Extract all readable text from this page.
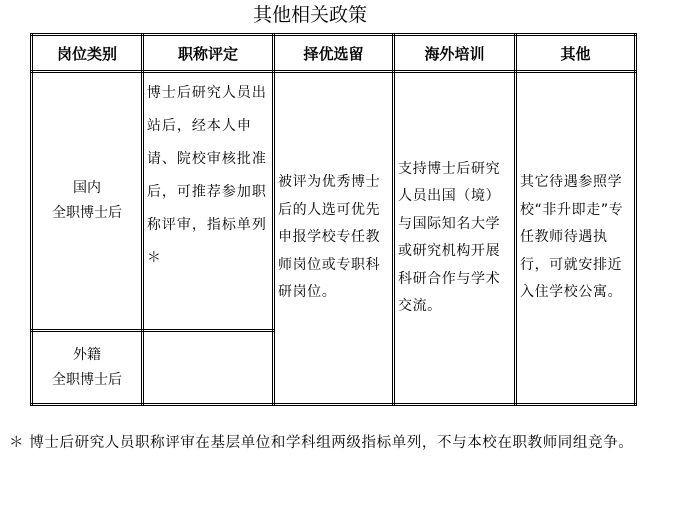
其他相关政策
岗位类别	职称评定	择优选留	海外培训	其他

国内
全职博士后	博士后研究人员出站后，经本人申请、院校审核批准后，可推荐参加职称评审，指标单列＊	被评为优秀博士后的人选可优先申报学校专任教师岗位或专职科研岗位。	支持博士后研究人员出国（境）与国际知名大学或研究机构开展科研合作与学术交流。	其它待遇参照学校“非升即走”专任教师待遇执行，可就安排近入住学校公寓。

外籍
全职博士后				

＊ 博士后研究人员职称评审在基层单位和学科组两级指标单列，不与本校在职教师同组竞争。
